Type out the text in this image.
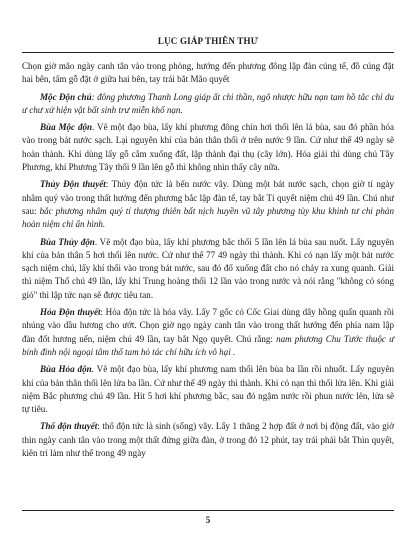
LỤC GIÁP THIÊN THƯ

Chọn giờ mão ngày canh tân vào trong phòng, hướng đến phương đông lập đàn cúng tế, đồ cúng đặt hai bên, tấm gỗ đặt ở giữa hai bên, tay trái bắt Mão quyết

Mộc Độn chú: đông phương Thanh Long giáp ất chi thần, ngô nhược hữu nạn tam hồ tắc chỉ du ư chư xứ hiện vật bất sinh trư miễn khổ nạn.

Bùa Mộc độn. Vẽ một đạo bùa, lấy khí phương đông chín hơi thổi lên lá bùa, sau đó phần hóa vào trong bát nước sạch. Lại nguyên khí của bản thân thổi ở trên nước 9 lần. Cứ như thế 49 ngày sẽ hoàn thành. Khi dùng lấy gỗ cắm xuống đất, lập thành đại thụ (cây lớn). Hóa giải thì dùng chú Tây Phương, khí Phương Tây thổi 9 lần lên gỗ thì không nhìn thấy cây nữa.

Thủy Độn thuyết: Thủy độn tức là bến nước vây. Dùng một bát nước sạch, chọn giờ tí ngày nhâm quý vào trong thất hướng đến phương bắc lập đàn tế, tay bắt Tí quyết niệm chú 49 lần. Chú như sau: bắc phương nhâm quý tí thượng thiên bất nịch huyền vũ tây phương tùy khu khinh tư chi phản hoàn niệm chỉ ẩn hình.

Bùa Thủy độn. Vẽ một đạo bùa, lấy khí phương bắc thổi 5 lần lên lá bùa sau nuốt. Lấy nguyên khí của bản thân 5 hơi thổi lên nước. Cứ như thế 77 49 ngày thì thành. Khi có nạn lấy một bát nước sạch niệm chú, lấy khí thổi vào trong bát nước, sau đó đổ xuống đất cho nó chảy ra xung quanh. Giải thì niệm Thổ chú 49 lần, lấy khí Trung hoàng thổi 12 lần vào trong nước và nói rằng "không có sóng gió" thì lập tức nạn sẽ được tiêu tan.

Hỏa Độn thuyết: Hỏa độn tức là hỏa vây. Lấy 7 gốc cỏ Cốc Giai dùng dây hồng quấn quanh rồi nhúng vào dầu hương cho ướt. Chọn giờ ngọ ngày canh tân vào trong thất hướng đến phía nam lập đàn đốt hương nến, niệm chú 49 lần, tay bắt Ngọ quyết. Chú rằng: nam phương Chu Tước thuộc ư bính đinh nội ngoại tâm thổ tam hỏ tác chí hữu ích vô hại .

Bùa Hỏa độn. Vẽ một đạo bùa, lấy khí phương nam thổi lên bùa ba lần rồi nhuốt. Lấy nguyên khí của bản thân thổi lên lửa ba lần. Cứ như thế 49 ngày thì thành. Khi có nạn thì thổi lửa lên. Khi giải niệm Bắc phương chú 49 lần. Hít 5 hơi khí phương bắc, sau đó ngậm nước rồi phun nước lên, lửa sẽ tự tiêu.

Thổ độn thuyết: thổ độn tức là sinh (sống) vây. Lấy 1 thăng 2 hợp đất ở nơi bị động đất, vào giờ thìn ngày canh tân vào trong một thất đứng giữa đàn, ở trong đó 12 phút, tay trái phải bắt Thìn quyết, kiên trì làm như thế trong 49 ngày

5
